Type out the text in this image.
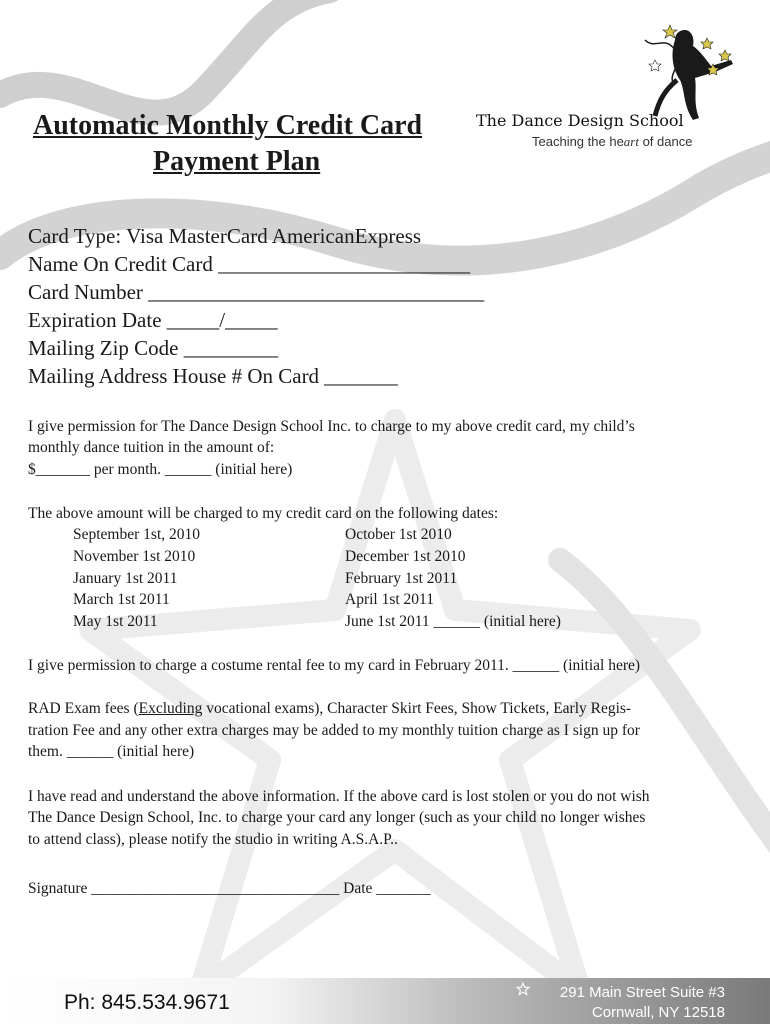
Automatic Monthly Credit Card
Payment Plan
The Dance Design School
Teaching the heart of dance
Card Type: Visa MasterCard AmericanExpress
Name On Credit Card ________________________
Card Number ________________________________
Expiration Date _____/_____
Mailing Zip Code _________
Mailing Address House # On Card _______
I give permission for The Dance Design School Inc. to charge to my above credit card, my child’s
monthly dance tuition in the amount of:
$_______ per month. ______ (initial here)
The above amount will be charged to my credit card on the following dates:
September 1st, 2010
November 1st 2010
January 1st 2011
March 1st 2011
May 1st 2011
October 1st 2010
December 1st 2010
February 1st 2011
April 1st 2011
June 1st 2011 ______ (initial here)
I give permission to charge a costume rental fee to my card in February 2011. ______ (initial here)
RAD Exam fees (Excluding vocational exams), Character Skirt Fees, Show Tickets, Early Regis-
tration Fee and any other extra charges may be added to my monthly tuition charge as I sign up for
them. ______ (initial here)
I have read and understand the above information. If the above card is lost stolen or you do not wish
The Dance Design School, Inc. to charge your card any longer (such as your child no longer wishes
to attend class), please notify the studio in writing A.S.A.P..
Signature ________________________________ Date _______
Ph: 845.534.9671	291 Main Street Suite #3
Cornwall, NY 12518
